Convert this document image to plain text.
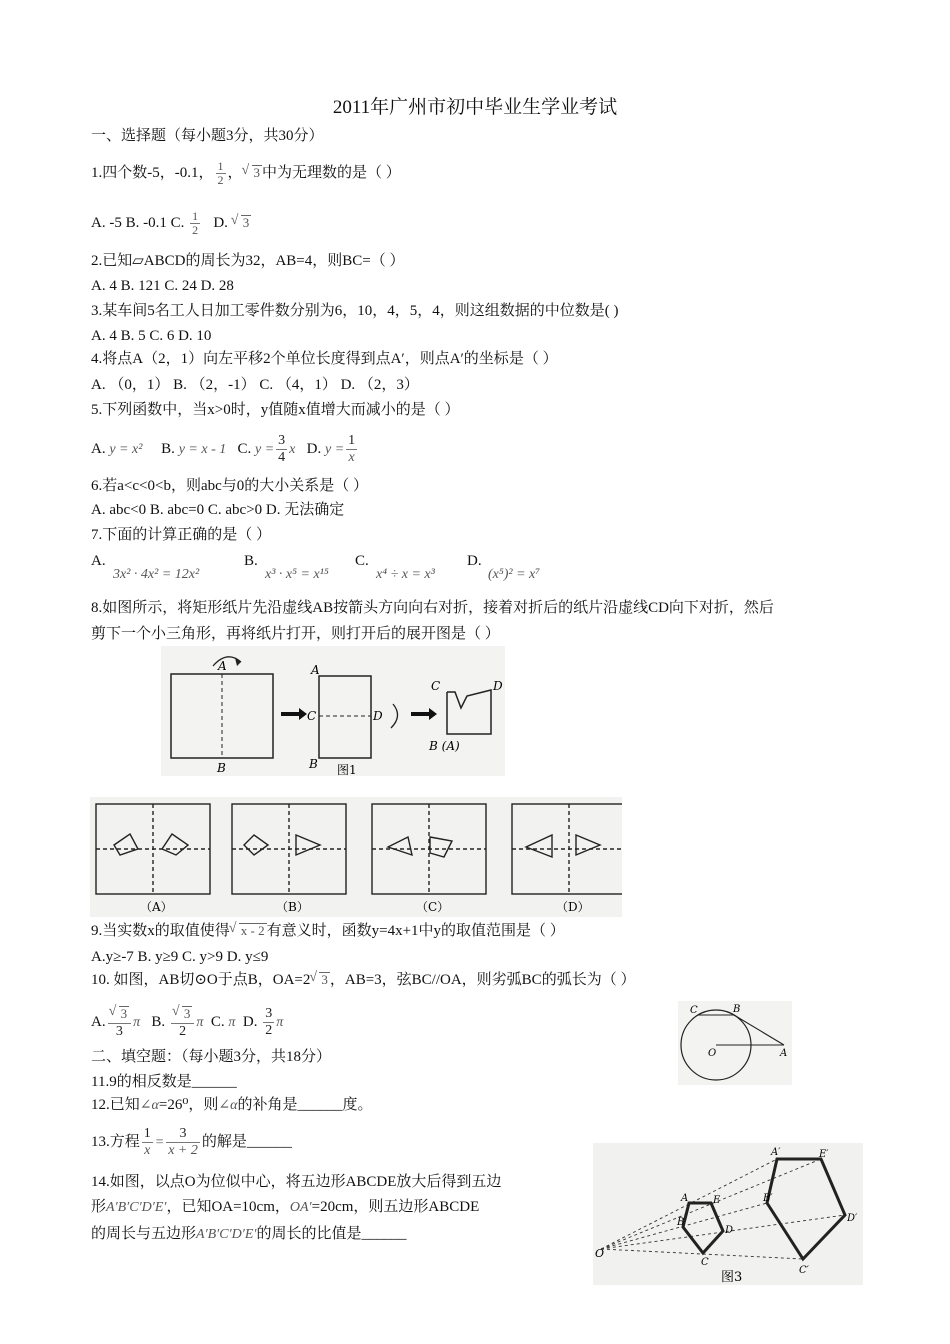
2011年广州市初中毕业生学业考试
一、选择题（每小题3分，共30分）
1.四个数-5，-0.1， $\frac{1}{2}$ ， √ 3 中为无理数的是（ ）
A. -5 B. -0.1 C. $\frac{1}{2} D$. √ 3
2.已知▱ABCD的周长为32，AB=4，则BC=（ ）
A. 4 B. 121 C. 24 D. 28
3.某车间5名工人日加工零件数分别为6，10，4，5，4，则这组数据的中位数是( )
A. 4 B. 5 C. 6 D. 10
4.将点A（2，1）向左平移2个单位长度得到点A′，则点A′的坐标是（ ）
A. （0，1） B. （2，-1） C. （4，1） D. （2，3）
5.下列函数中，当x>0时，y值随x值增大而减小的是（ ）
A. y = x² B. y = x - 1 C. $y = \frac{3}{4}$ x D. $y = \frac{1}{x}$
6.若a<c<0<b，则abc与0的大小关系是（ ）
A. abc<0 B. abc=0 C. abc>0 D. 无法确定
7.下面的计算正确的是（ ）
A.
3x² · 4x² = 12x²
B.
x³ · x⁵ = x¹⁵
C.
x⁴ ÷ x = x³
D.
(x⁵)² = x⁷
8.如图所示，将矩形纸片先沿虚线AB按箭头方向向右对折，接着对折后的纸片沿虚线CD向下对折，然后
剪下一个小三角形，再将纸片打开，则打开后的展开图是（ ）
A
B
A
B
C	D
C	D
B (A)
图1
（A）	（B）	（C）	（D）
9.当实数x的取值使得 √ x - 2 有意义时，函数y=4x+1中y的取值范围是（ ）
A.y≥-7 B. y≥9 C. y>9 D. y≤9
10. 如图，AB切⊙O于点B，OA=2 √ 3 ，AB=3，弦BC//OA，则劣弧BC的弧长为（ ）
A. √ $\frac{3}{3}$ π B. √ $\frac{3}{2}$ π C. π D. $\frac{3}{2}$ π
C	B
O	A
二、填空题：（每小题3分，共18分）
11.9的相反数是______
12.已知∠α=26⁰，则∠α的补角是______度。
13.方程 $\frac{1}{x} = \frac{3}{x + 2}$ 的解是______
14.如图，以点O为位似中心，将五边形ABCDE放大后得到五边
形A′B′C′D′E′，已知OA=10cm，OA′=20cm，则五边形ABCDE
的周长与五边形A′B′C′D′E′的周长的比值是______
O
A E
B
D
C
A′	E′
B′
D′
C′
图3
